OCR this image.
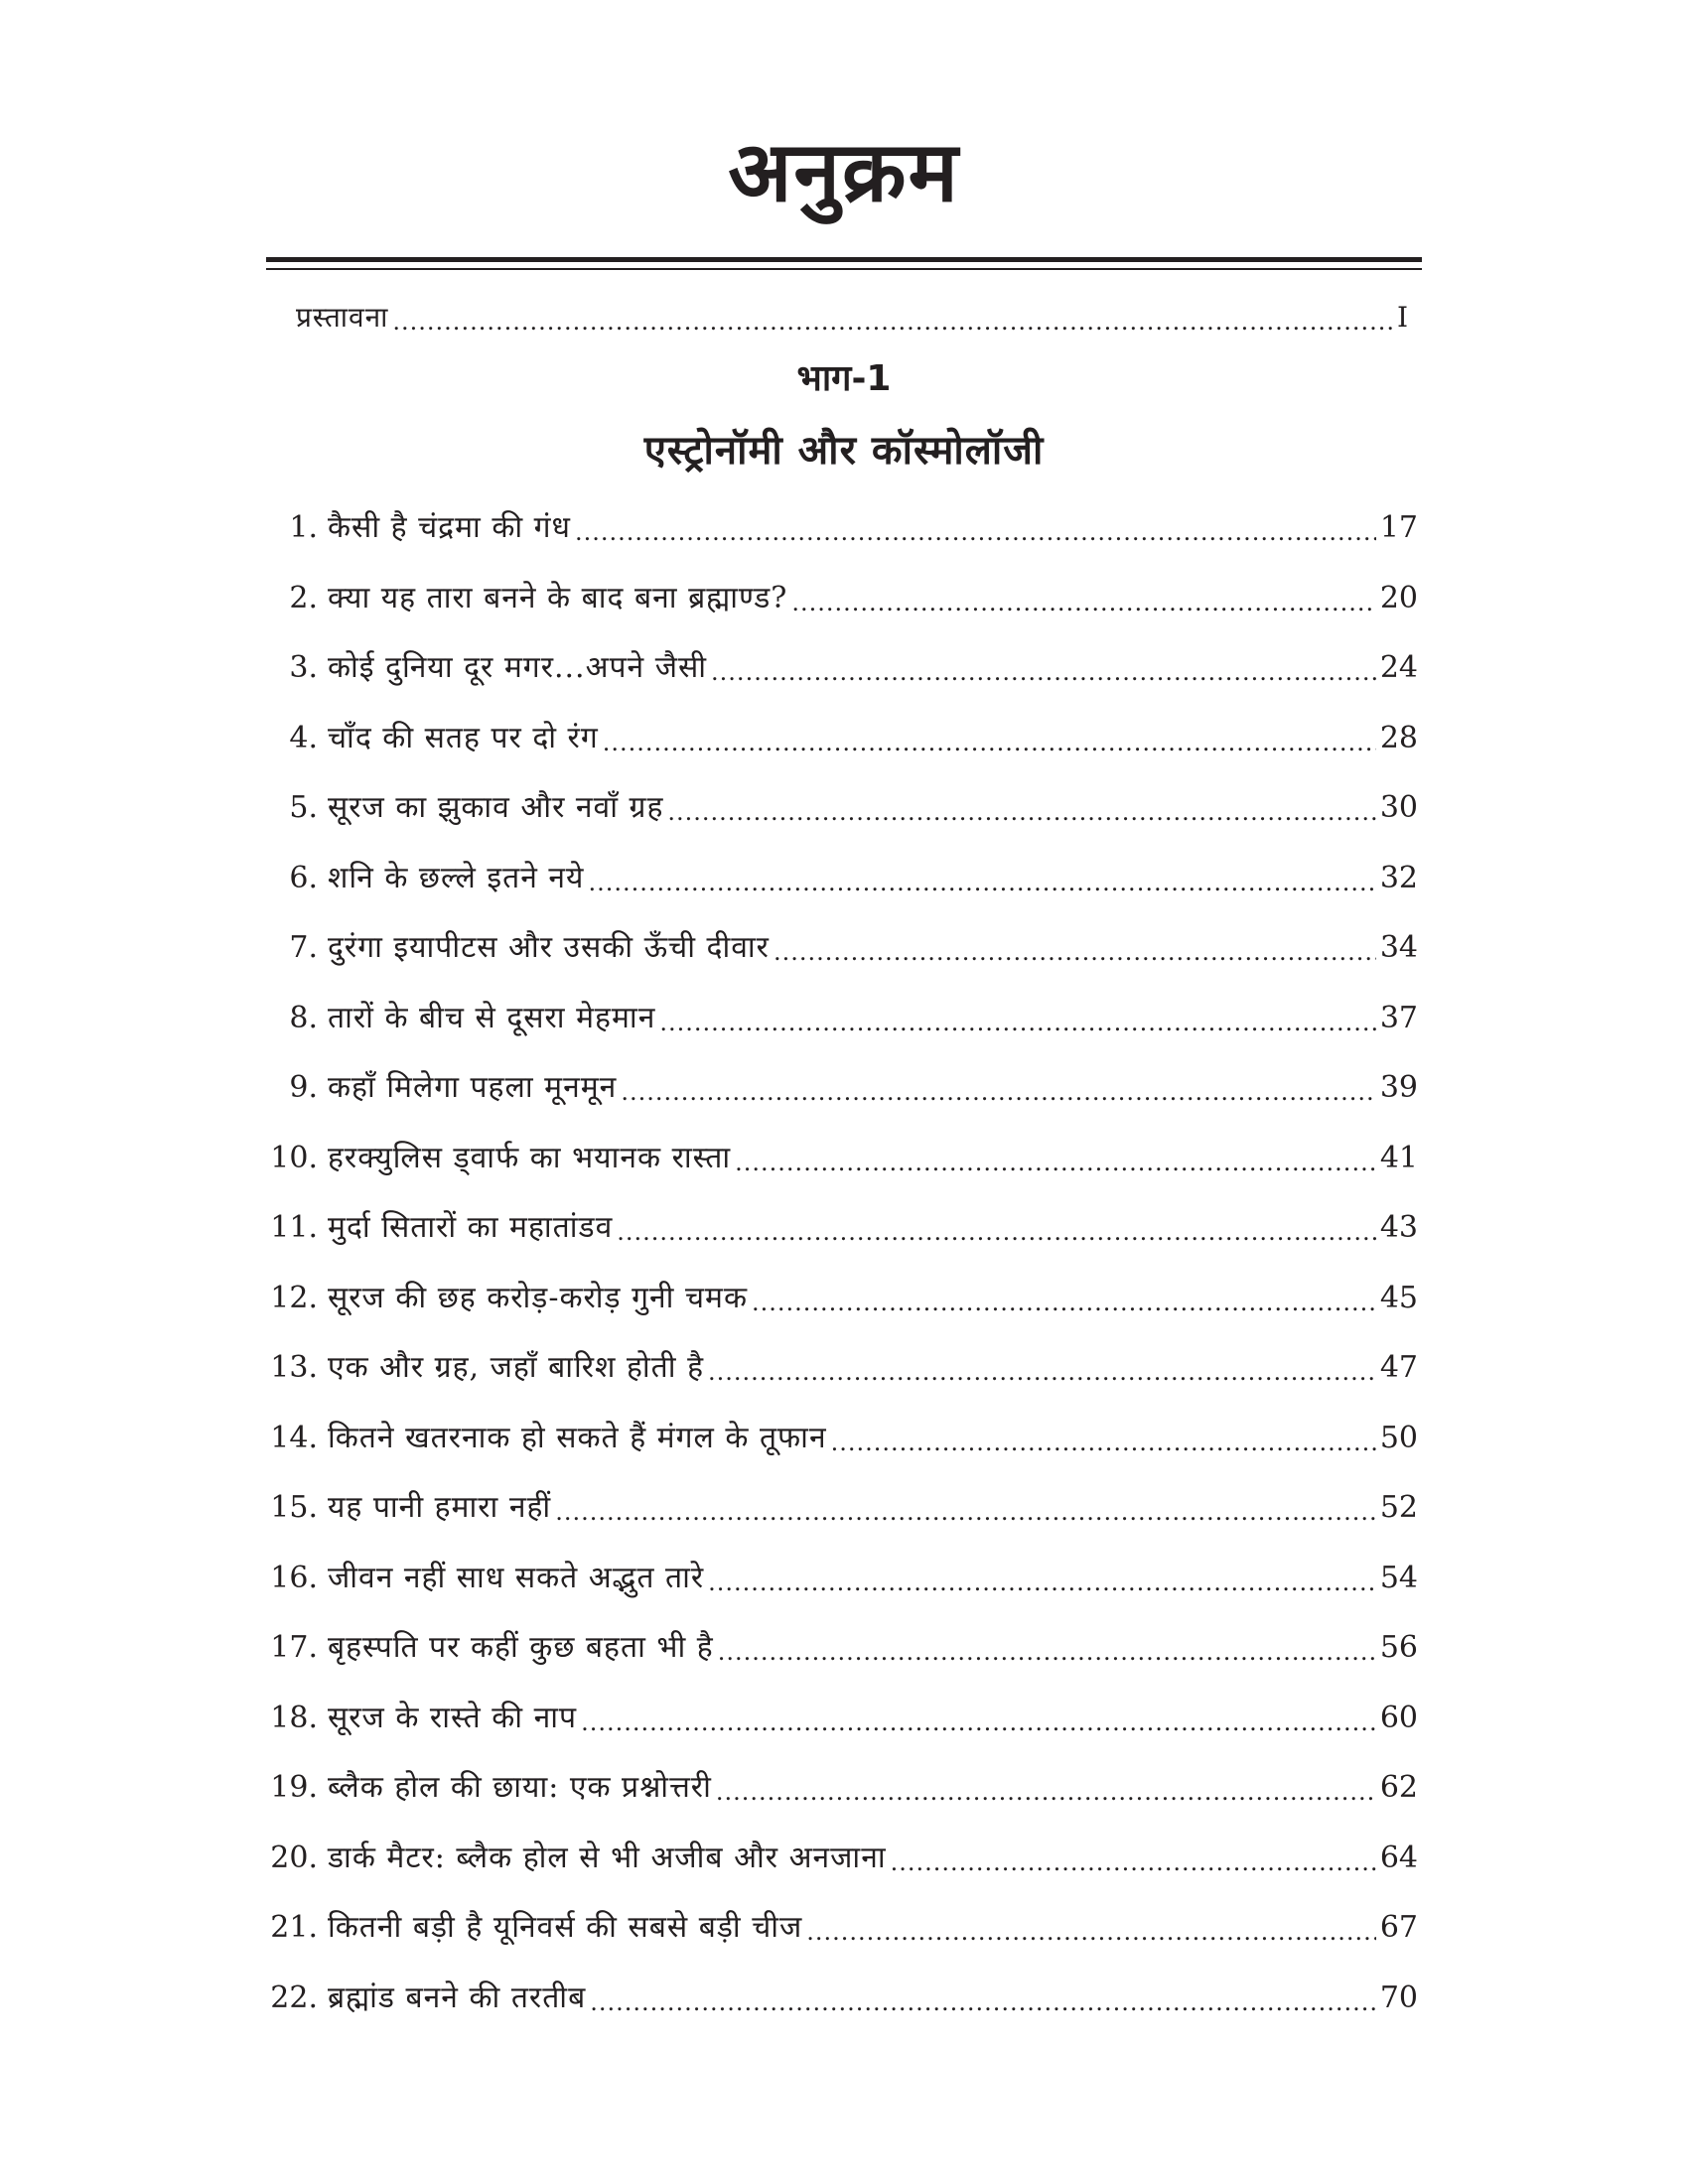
अनुक्रम
प्रस्तावना .....	I
भाग-1
एस्ट्रोनॉमी और कॉस्मोलॉजी
1. कैसी है चंद्रमा की गंध .....	17
2. क्या यह तारा बनने के बाद बना ब्रह्माण्ड? .....	20
3. कोई दुनिया दूर मगर...अपने जैसी .....	24
4. चाँद की सतह पर दो रंग .....	28
5. सूरज का झुकाव और नवाँ ग्रह .....	30
6. शनि के छल्ले इतने नये .....	32
7. दुरंगा इयापीटस और उसकी ऊँची दीवार .....	34
8. तारों के बीच से दूसरा मेहमान .....	37
9. कहाँ मिलेगा पहला मूनमून .....	39
10. हरक्युलिस ड्वार्फ का भयानक रास्ता .....	41
11. मुर्दा सितारों का महातांडव .....	43
12. सूरज की छह करोड़-करोड़ गुनी चमक .....	45
13. एक और ग्रह, जहाँ बारिश होती है .....	47
14. कितने खतरनाक हो सकते हैं मंगल के तूफान .....	50
15. यह पानी हमारा नहीं .....	52
16. जीवन नहीं साध सकते अद्भुत तारे .....	54
17. बृहस्पति पर कहीं कुछ बहता भी है .....	56
18. सूरज के रास्ते की नाप .....	60
19. ब्लैक होल की छाया: एक प्रश्नोत्तरी .....	62
20. डार्क मैटर: ब्लैक होल से भी अजीब और अनजाना .....	64
21. कितनी बड़ी है यूनिवर्स की सबसे बड़ी चीज .....	67
22. ब्रह्मांड बनने की तरतीब .....	70
